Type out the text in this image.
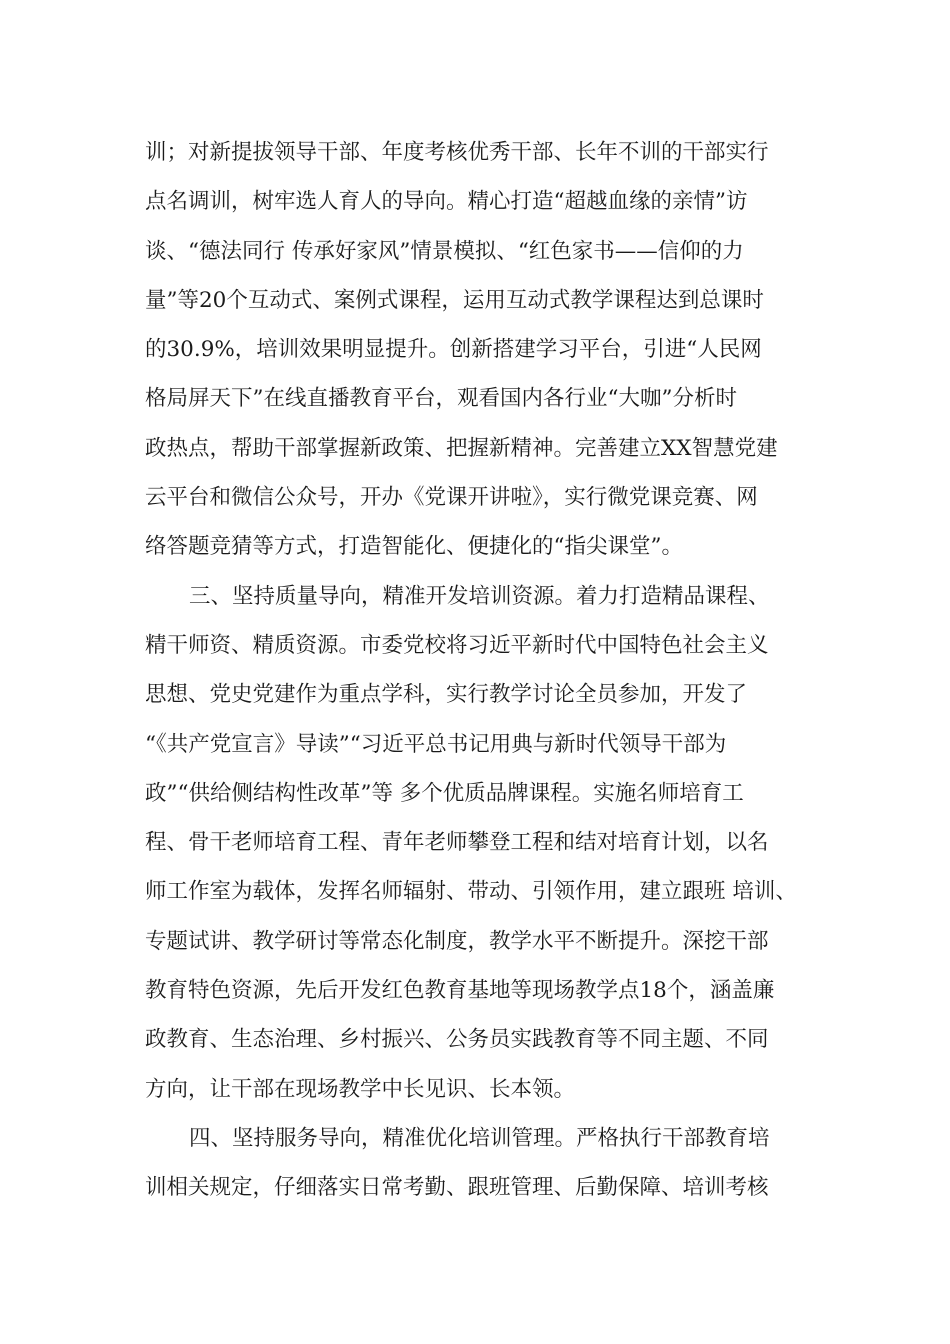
训；对新提拔领导干部、年度考核优秀干部、长年不训的干部实行
点名调训，树牢选人育人的导向。精心打造“超越血缘的亲情”访
谈、“德法同行 传承好家风”情景模拟、“红色家书——信仰的力
量”等20个互动式、案例式课程，运用互动式教学课程达到总课时
的30.9%，培训效果明显提升。创新搭建学习平台，引进“人民网
格局屏天下”在线直播教育平台，观看国内各行业“大咖”分析时
政热点，帮助干部掌握新政策、把握新精神。完善建立XX智慧党建
云平台和微信公众号，开办《党课开讲啦》，实行微党课竞赛、网
络答题竞猜等方式，打造智能化、便捷化的“指尖课堂”。
三、坚持质量导向，精准开发培训资源。着力打造精品课程、
精干师资、精质资源。市委党校将习近平新时代中国特色社会主义
思想、党史党建作为重点学科，实行教学讨论全员参加，开发了
“《共产党宣言》导读”“习近平总书记用典与新时代领导干部为
政”“供给侧结构性改革”等 多个优质品牌课程。实施名师培育工
程、骨干老师培育工程、青年老师攀登工程和结对培育计划，以名
师工作室为载体，发挥名师辐射、带动、引领作用，建立跟班 培训、
专题试讲、教学研讨等常态化制度，教学水平不断提升。深挖干部
教育特色资源，先后开发红色教育基地等现场教学点18个，涵盖廉
政教育、生态治理、乡村振兴、公务员实践教育等不同主题、不同
方向，让干部在现场教学中长见识、长本领。
四、坚持服务导向，精准优化培训管理。严格执行干部教育培
训相关规定，仔细落实日常考勤、跟班管理、后勤保障、培训考核
